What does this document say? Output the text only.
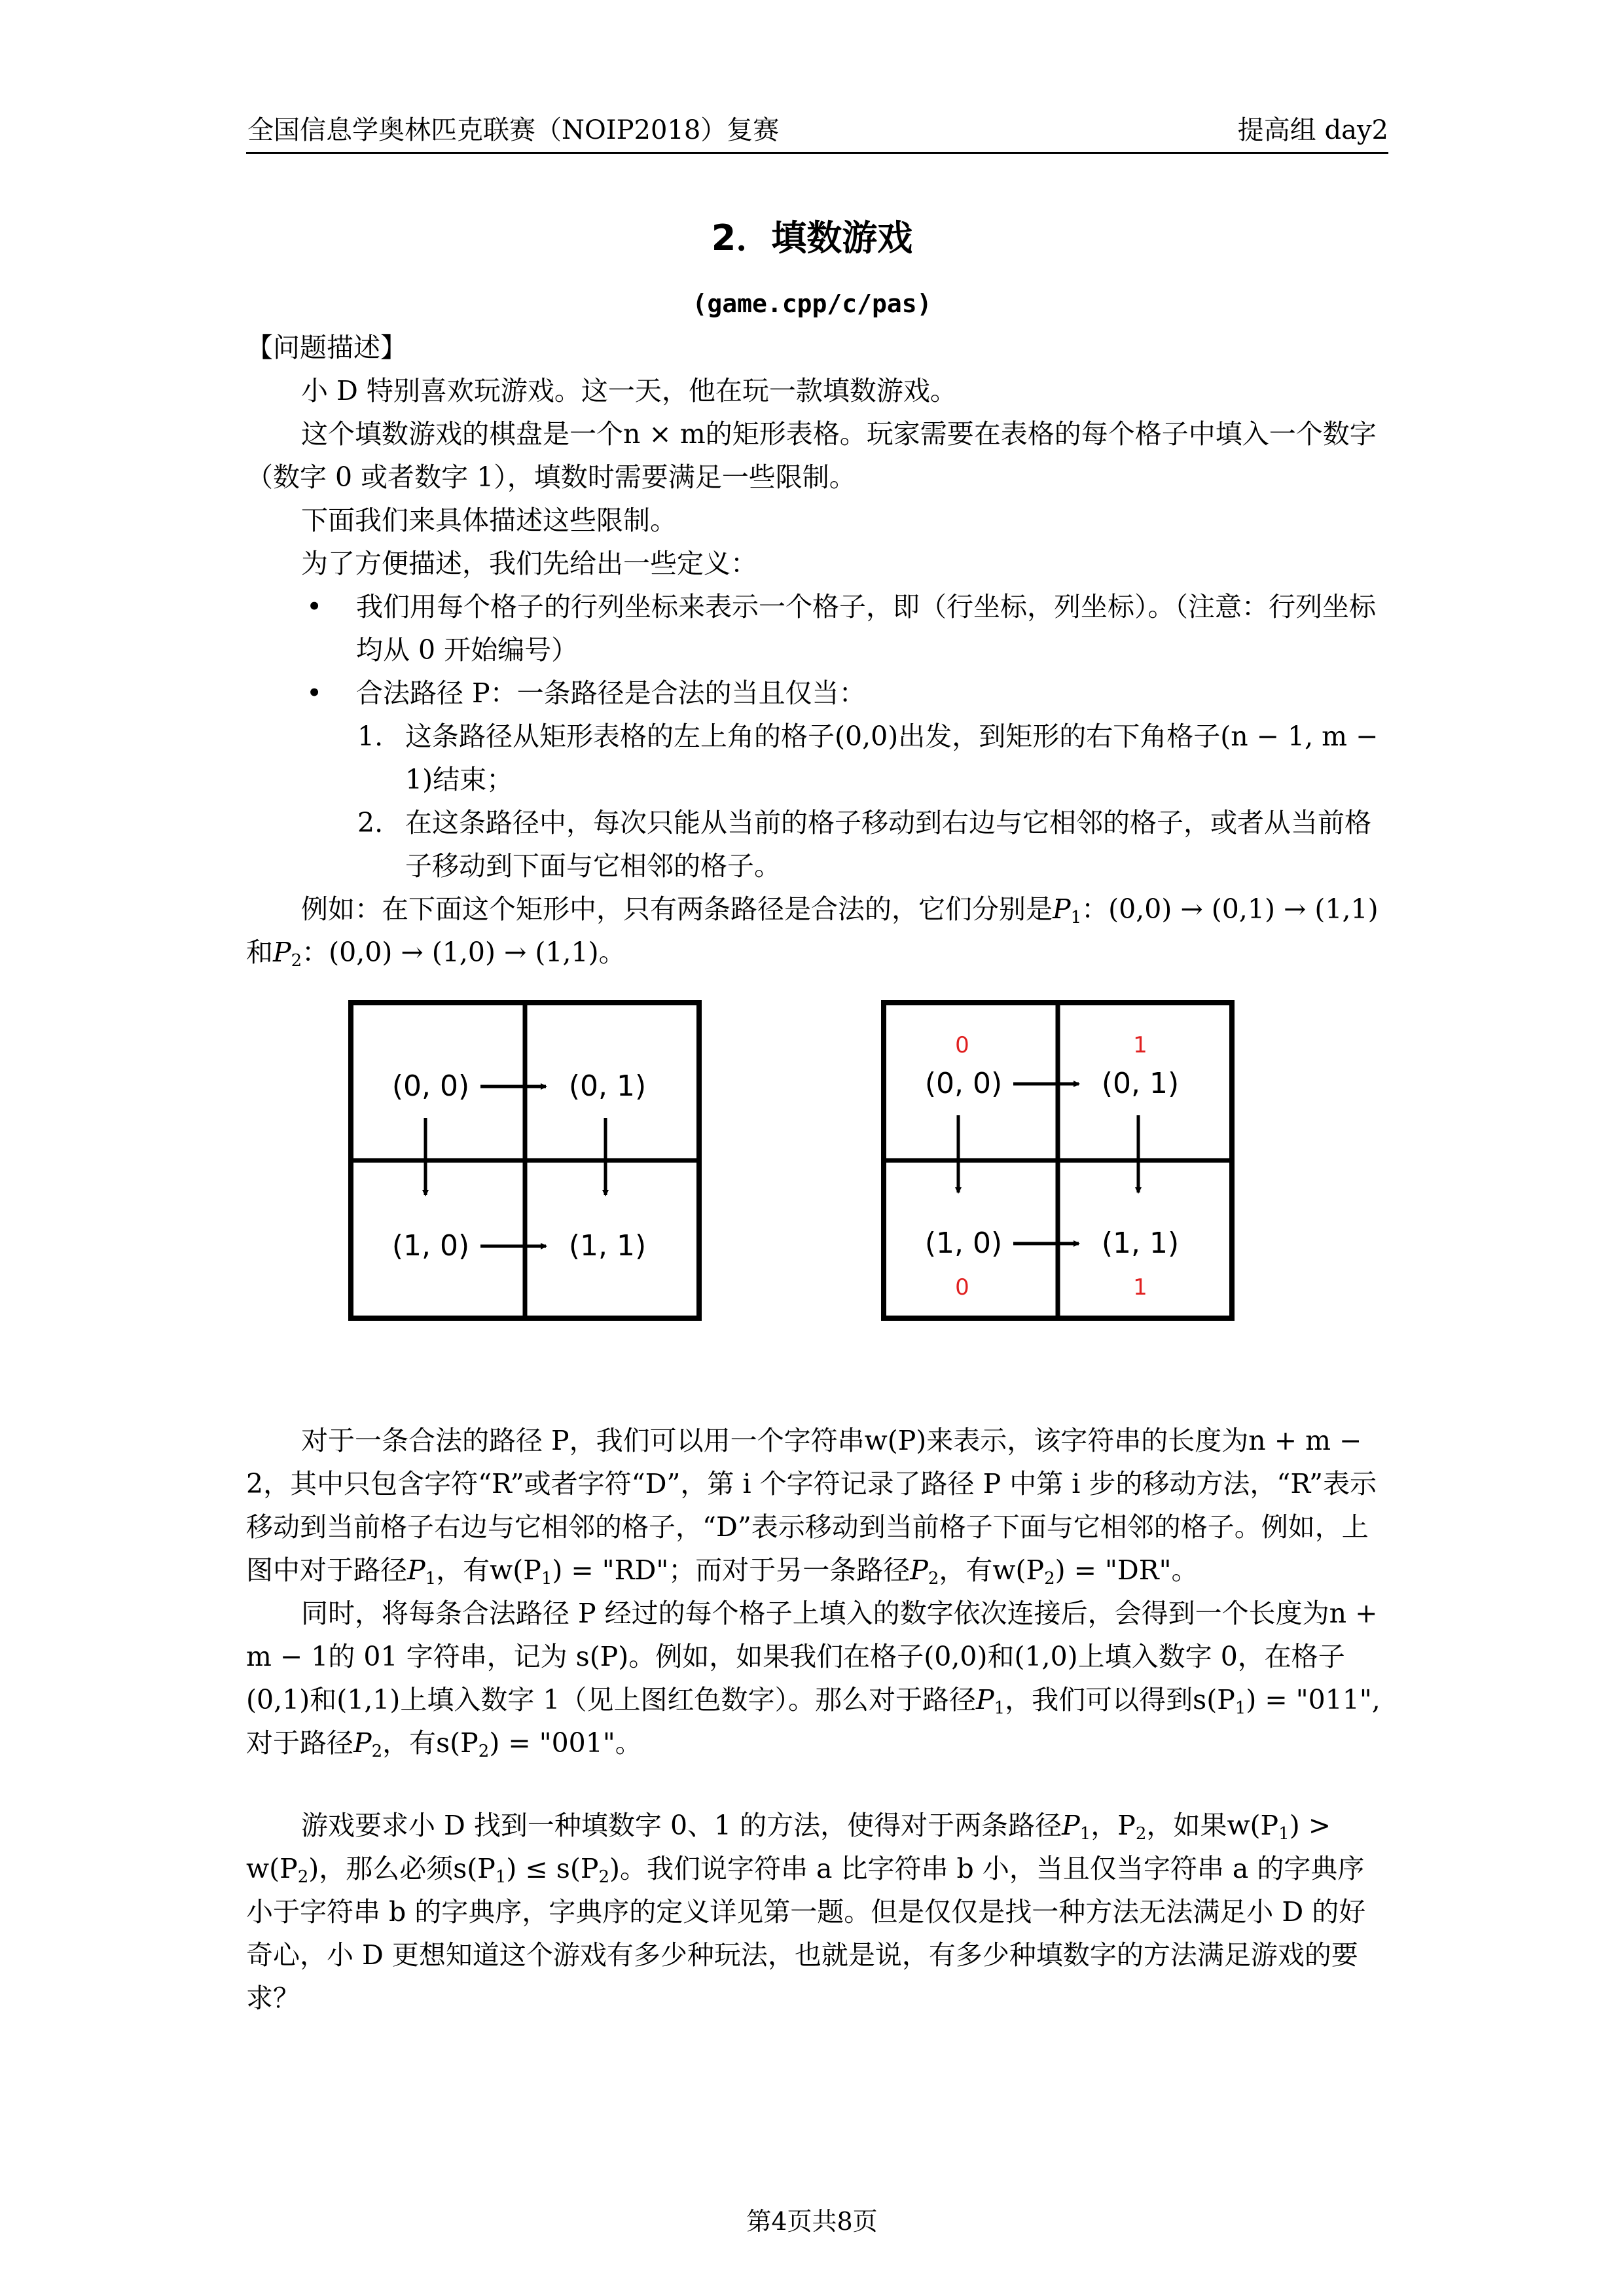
全国信息学奥林匹克联赛（NOIP2018）复赛	提高组 day2
2．填数游戏
(game.cpp/c/pas)

【问题描述】

小 D 特别喜欢玩游戏。这一天，他在玩一款填数游戏。

这个填数游戏的棋盘是一个n × m的矩形表格。玩家需要在表格的每个格子中填入一个数字（数字 0 或者数字 1），填数时需要满足一些限制。

下面我们来具体描述这些限制。

为了方便描述，我们先给出一些定义：

• 我们用每个格子的行列坐标来表示一个格子，即（行坐标，列坐标）。（注意：行列坐标均从 0 开始编号）

• 合法路径 P：一条路径是合法的当且仅当：

1. 这条路径从矩形表格的左上角的格子(0,0)出发，到矩形的右下角格子(n − 1, m − 1)结束；

2. 在这条路径中，每次只能从当前的格子移动到右边与它相邻的格子，或者从当前格子移动到下面与它相邻的格子。

例如：在下面这个矩形中，只有两条路径是合法的，它们分别是$P_1$：(0,0) → (0,1) → (1,1)和$P_2$：(0,0) → (1,0) → (1,1)。

(0, 0)	(0, 1)
(1, 0)	(1, 1)
(0, 0)	(0, 1)
(1, 0)	(1, 1)
0	1
0	1

对于一条合法的路径 P，我们可以用一个字符串w(P)来表示，该字符串的长度为n + m − 2，其中只包含字符“R”或者字符“D”，第 i 个字符记录了路径 P 中第 i 步的移动方法，“R”表示移动到当前格子右边与它相邻的格子，“D”表示移动到当前格子下面与它相邻的格子。例如，上图中对于路径$P_1$，有$w(P_1)$ = "RD"；而对于另一条路径$P_2$，有$w(P_2)$ = "DR"。

同时，将每条合法路径 P 经过的每个格子上填入的数字依次连接后，会得到一个长度为n + m − 1的 01 字符串，记为 s(P)。例如，如果我们在格子(0,0)和(1,0)上填入数字 0，在格子(0,1)和(1,1)上填入数字 1（见上图红色数字）。那么对于路径$P_1$，我们可以得到$s(P_1)$ = "011",对于路径$P_2$，有$s(P_2)$ = "001"。

游戏要求小 D 找到一种填数字 0、1 的方法，使得对于两条路径$P_1$，$P_2$，如果$w(P_1) > w(P_2)$，那么必须$s(P_1) \le s(P_2)$。我们说字符串 a 比字符串 b 小，当且仅当字符串 a 的字典序小于字符串 b 的字典序，字典序的定义详见第一题。但是仅仅是找一种方法无法满足小 D 的好奇心，小 D 更想知道这个游戏有多少种玩法，也就是说，有多少种填数字的方法满足游戏的要求？

第4页共8页
